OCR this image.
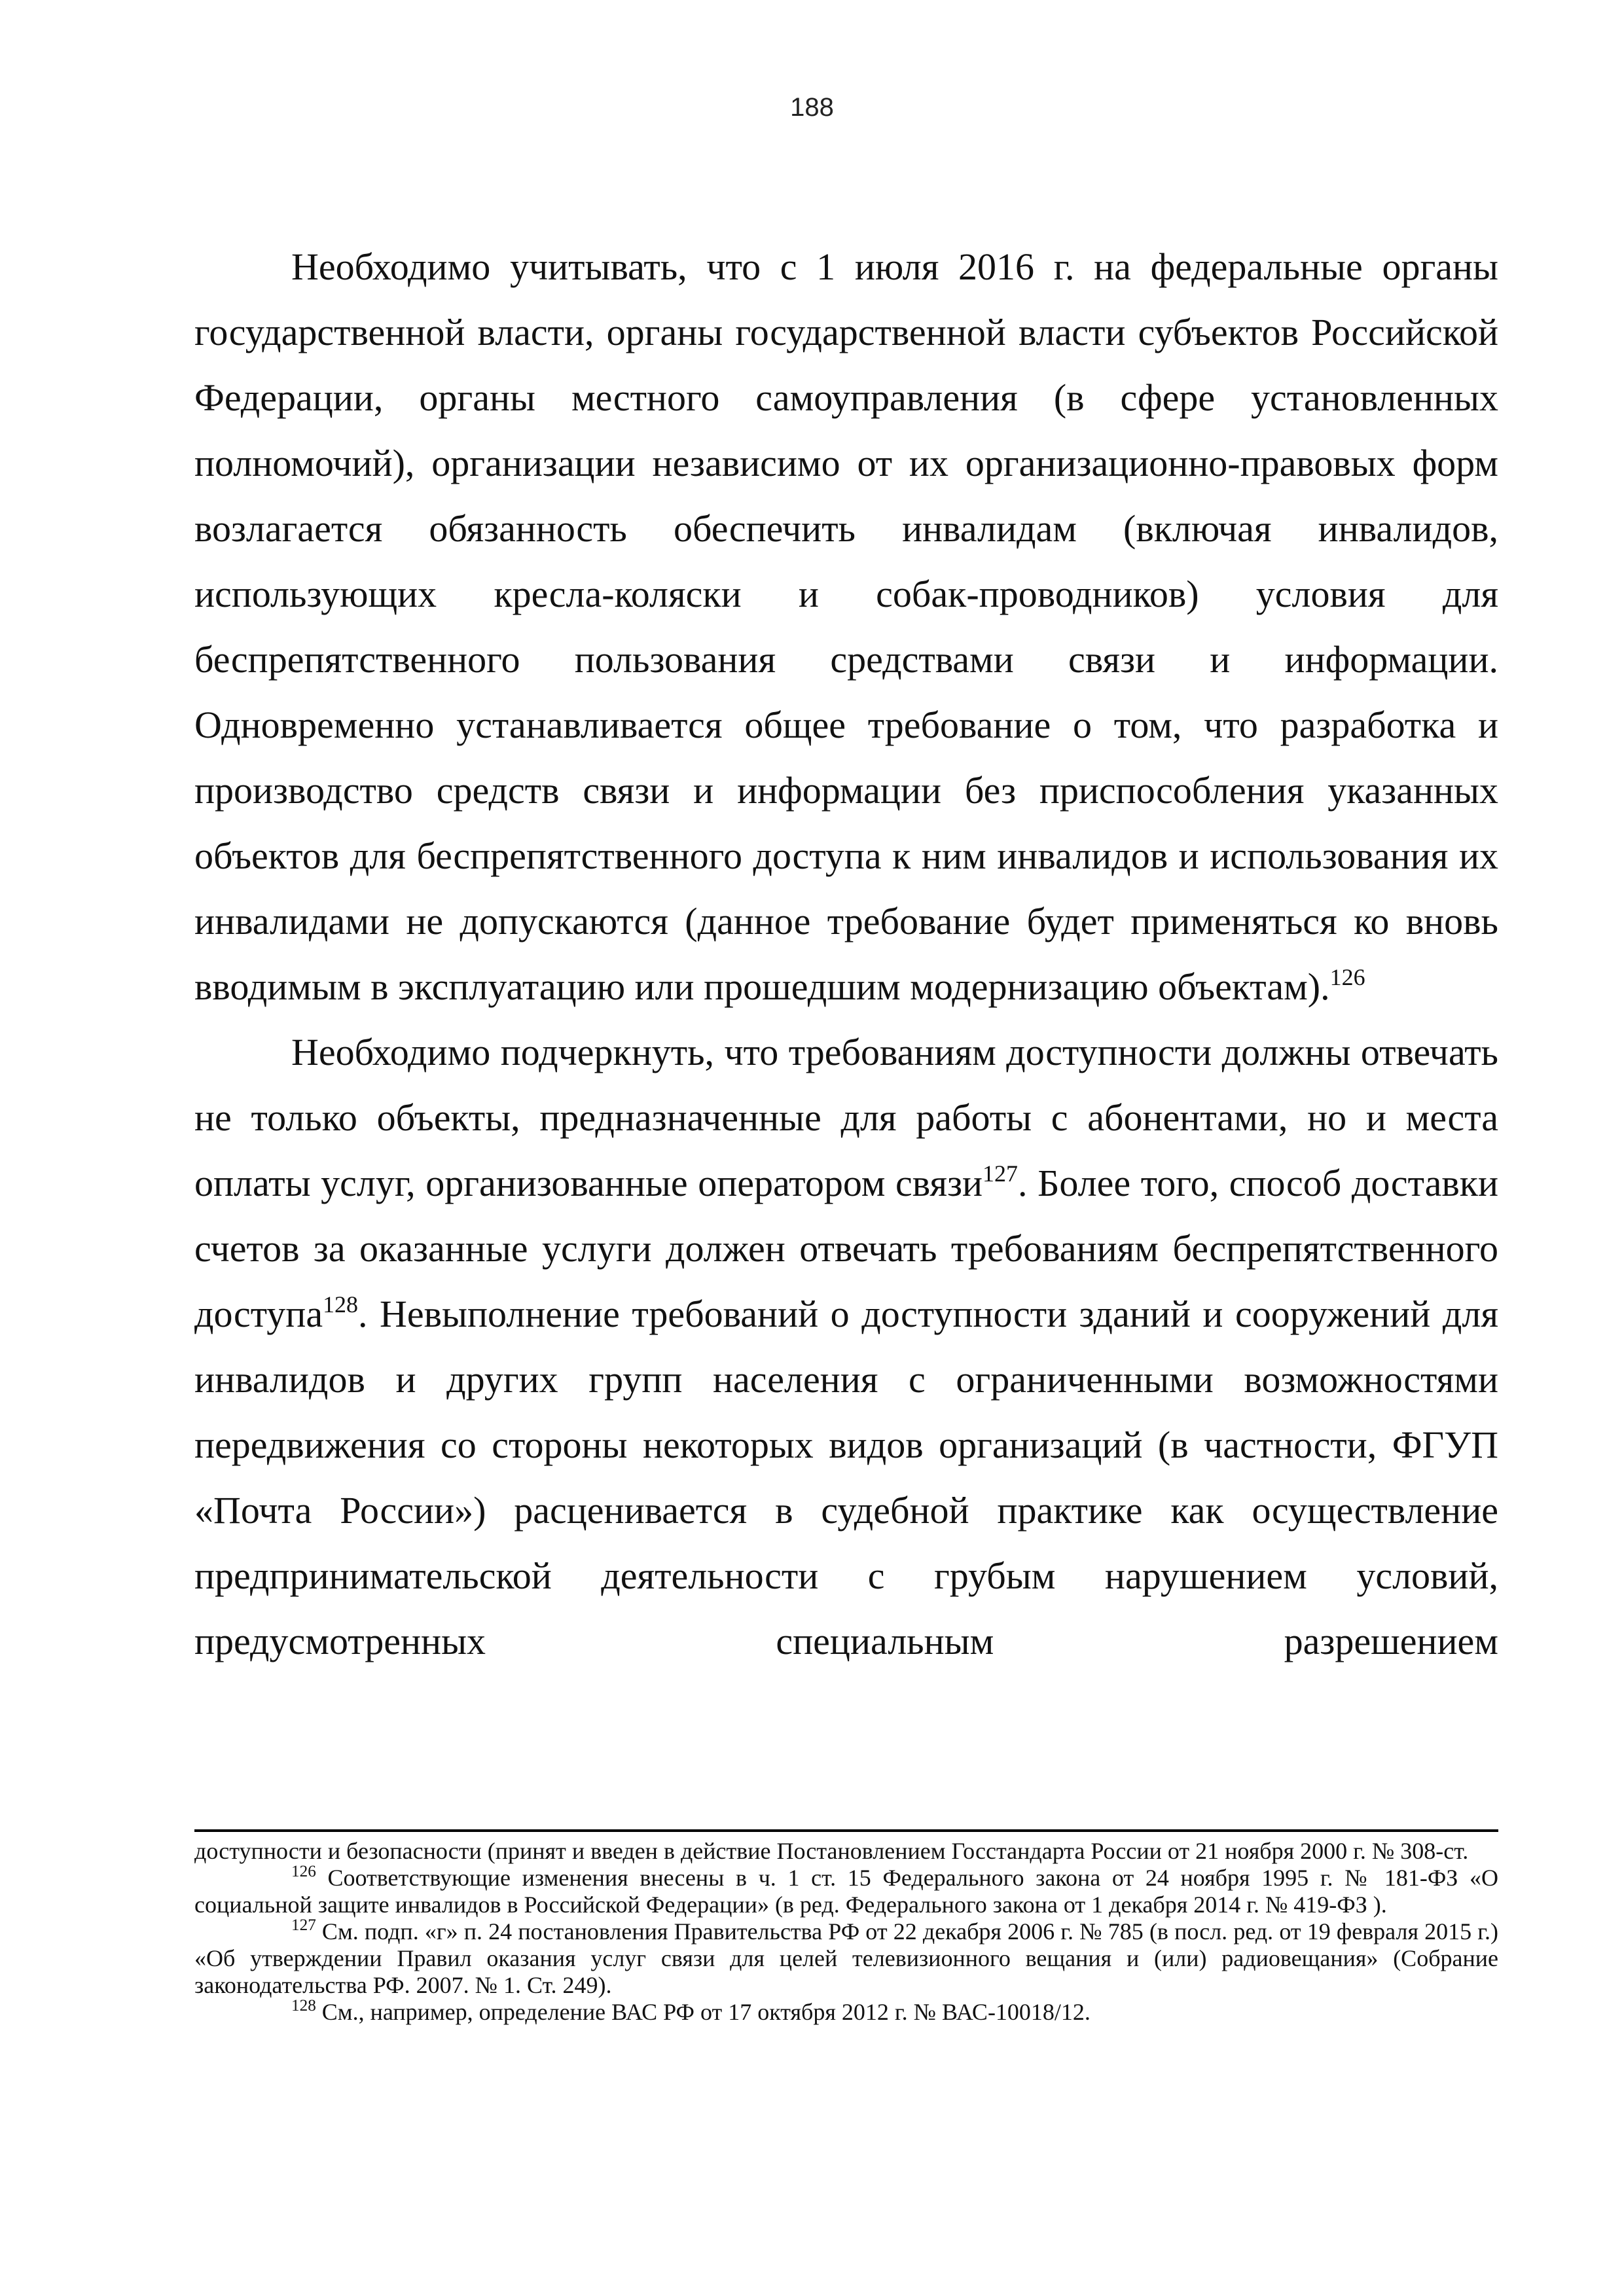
188

Необходимо учитывать, что с 1 июля 2016 г. на федеральные органы государственной власти, органы государственной власти субъектов Российской Федерации, органы местного самоуправления (в сфере установленных полномочий), организации независимо от их организационно-правовых форм возлагается обязанность обеспечить инвалидам (включая инвалидов, использующих кресла-коляски и собак-проводников) условия для беспрепятственного пользования средствами связи и информации. Одновременно устанавливается общее требование о том, что разработка и производство средств связи и информации без приспособления указанных объектов для беспрепятственного доступа к ним инвалидов и использования их инвалидами не допускаются (данное требование будет применяться ко вновь вводимым в эксплуатацию или прошедшим модернизацию объектам).$^{126}$

Необходимо подчеркнуть, что требованиям доступности должны отвечать не только объекты, предназначенные для работы с абонентами, но и места оплаты услуг, организованные оператором связи$^{127}$. Более того, способ доставки счетов за оказанные услуги должен отвечать требованиям беспрепятственного доступа$^{128}$. Невыполнение требований о доступности зданий и сооружений для инвалидов и других групп населения с ограниченными возможностями передвижения со стороны некоторых видов организаций (в частности, ФГУП «Почта России») расценивается в судебной практике как осуществление предпринимательской деятельности с грубым нарушением условий, предусмотренных специальным разрешением

доступности и безопасности (принят и введен в действие Постановлением Госстандарта России от 21 ноября 2000 г. № 308-ст.

$^{126}$ Соответствующие изменения внесены в ч. 1 ст. 15 Федерального закона от 24 ноября 1995 г. № 181-ФЗ «О социальной защите инвалидов в Российской Федерации» (в ред. Федерального закона от 1 декабря 2014 г. № 419-ФЗ ).

$^{127}$ См. подп. «г» п. 24 постановления Правительства РФ от 22 декабря 2006 г. № 785 (в посл. ред. от 19 февраля 2015 г.) «Об утверждении Правил оказания услуг связи для целей телевизионного вещания и (или) радиовещания» (Собрание законодательства РФ. 2007. № 1. Ст. 249).

$^{128}$ См., например, определение ВАС РФ от 17 октября 2012 г. № ВАС-10018/12.
